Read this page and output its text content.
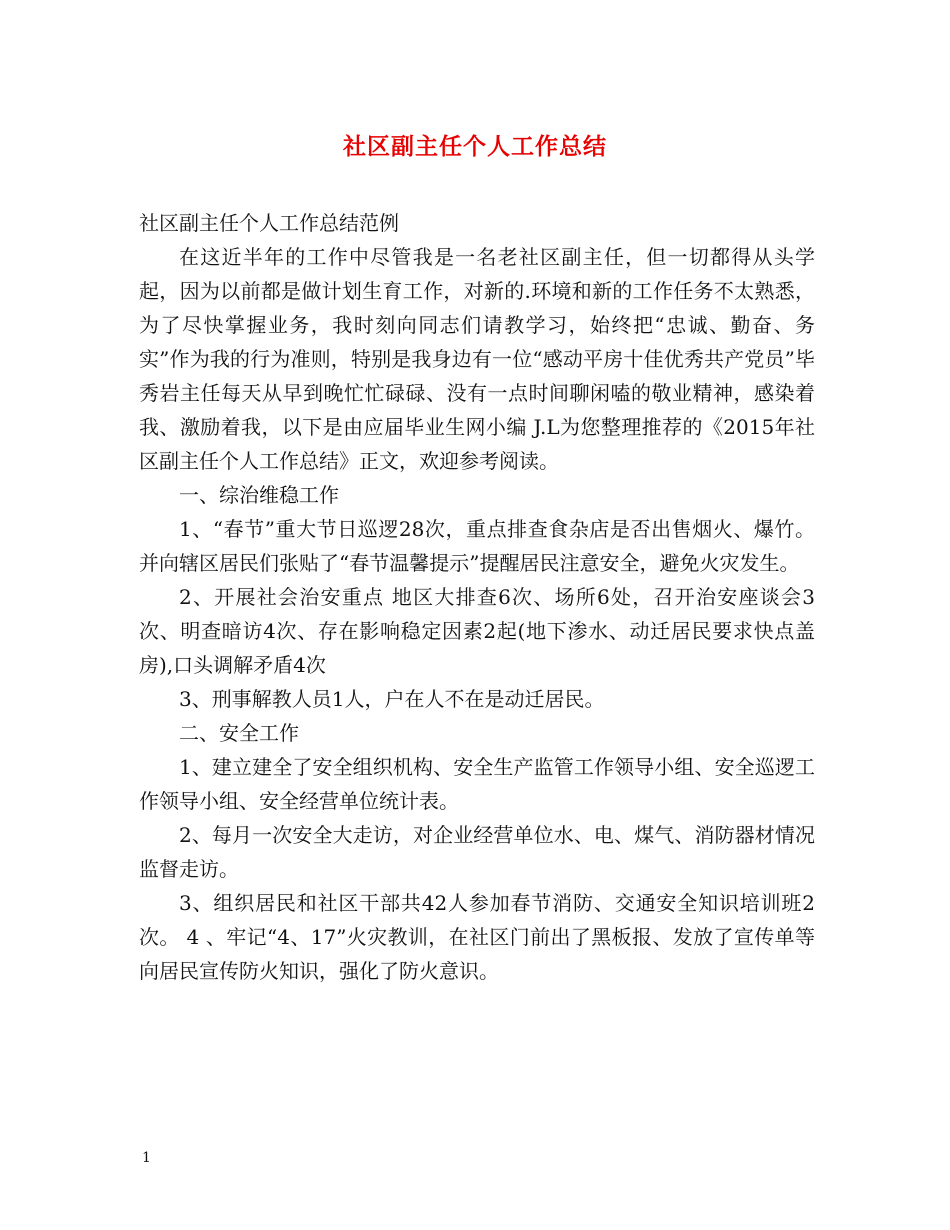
社区副主任个人工作总结

社区副主任个人工作总结范例

在这近半年的工作中尽管我是一名老社区副主任，但一切都得从头学起，因为以前都是做计划生育工作，对新的.环境和新的工作任务不太熟悉，为了尽快掌握业务，我时刻向同志们请教学习，始终把“忠诚、勤奋、务实”作为我的行为准则，特别是我身边有一位“感动平房十佳优秀共产党员”毕秀岩主任每天从早到晚忙忙碌碌、没有一点时间聊闲嗑的敬业精神，感染着我、激励着我，以下是由应届毕业生网小编 J.L为您整理推荐的《2015年社区副主任个人工作总结》正文，欢迎参考阅读。

一、综治维稳工作

1、“春节”重大节日巡逻28次，重点排查食杂店是否出售烟火、爆竹。并向辖区居民们张贴了“春节温馨提示”提醒居民注意安全，避免火灾发生。

2、开展社会治安重点 地区大排查6次、场所6处，召开治安座谈会3次、明查暗访4次、存在影响稳定因素2起(地下渗水、动迁居民要求快点盖房),口头调解矛盾4次

3、刑事解教人员1人，户在人不在是动迁居民。

二、安全工作

1、建立建全了安全组织机构、安全生产监管工作领导小组、安全巡逻工作领导小组、安全经营单位统计表。

2、每月一次安全大走访，对企业经营单位水、电、煤气、消防器材情况监督走访。

3、组织居民和社区干部共42人参加春节消防、交通安全知识培训班2次。 4 、牢记“4、17”火灾教训，在社区门前出了黑板报、发放了宣传单等向居民宣传防火知识，强化了防火意识。

1
